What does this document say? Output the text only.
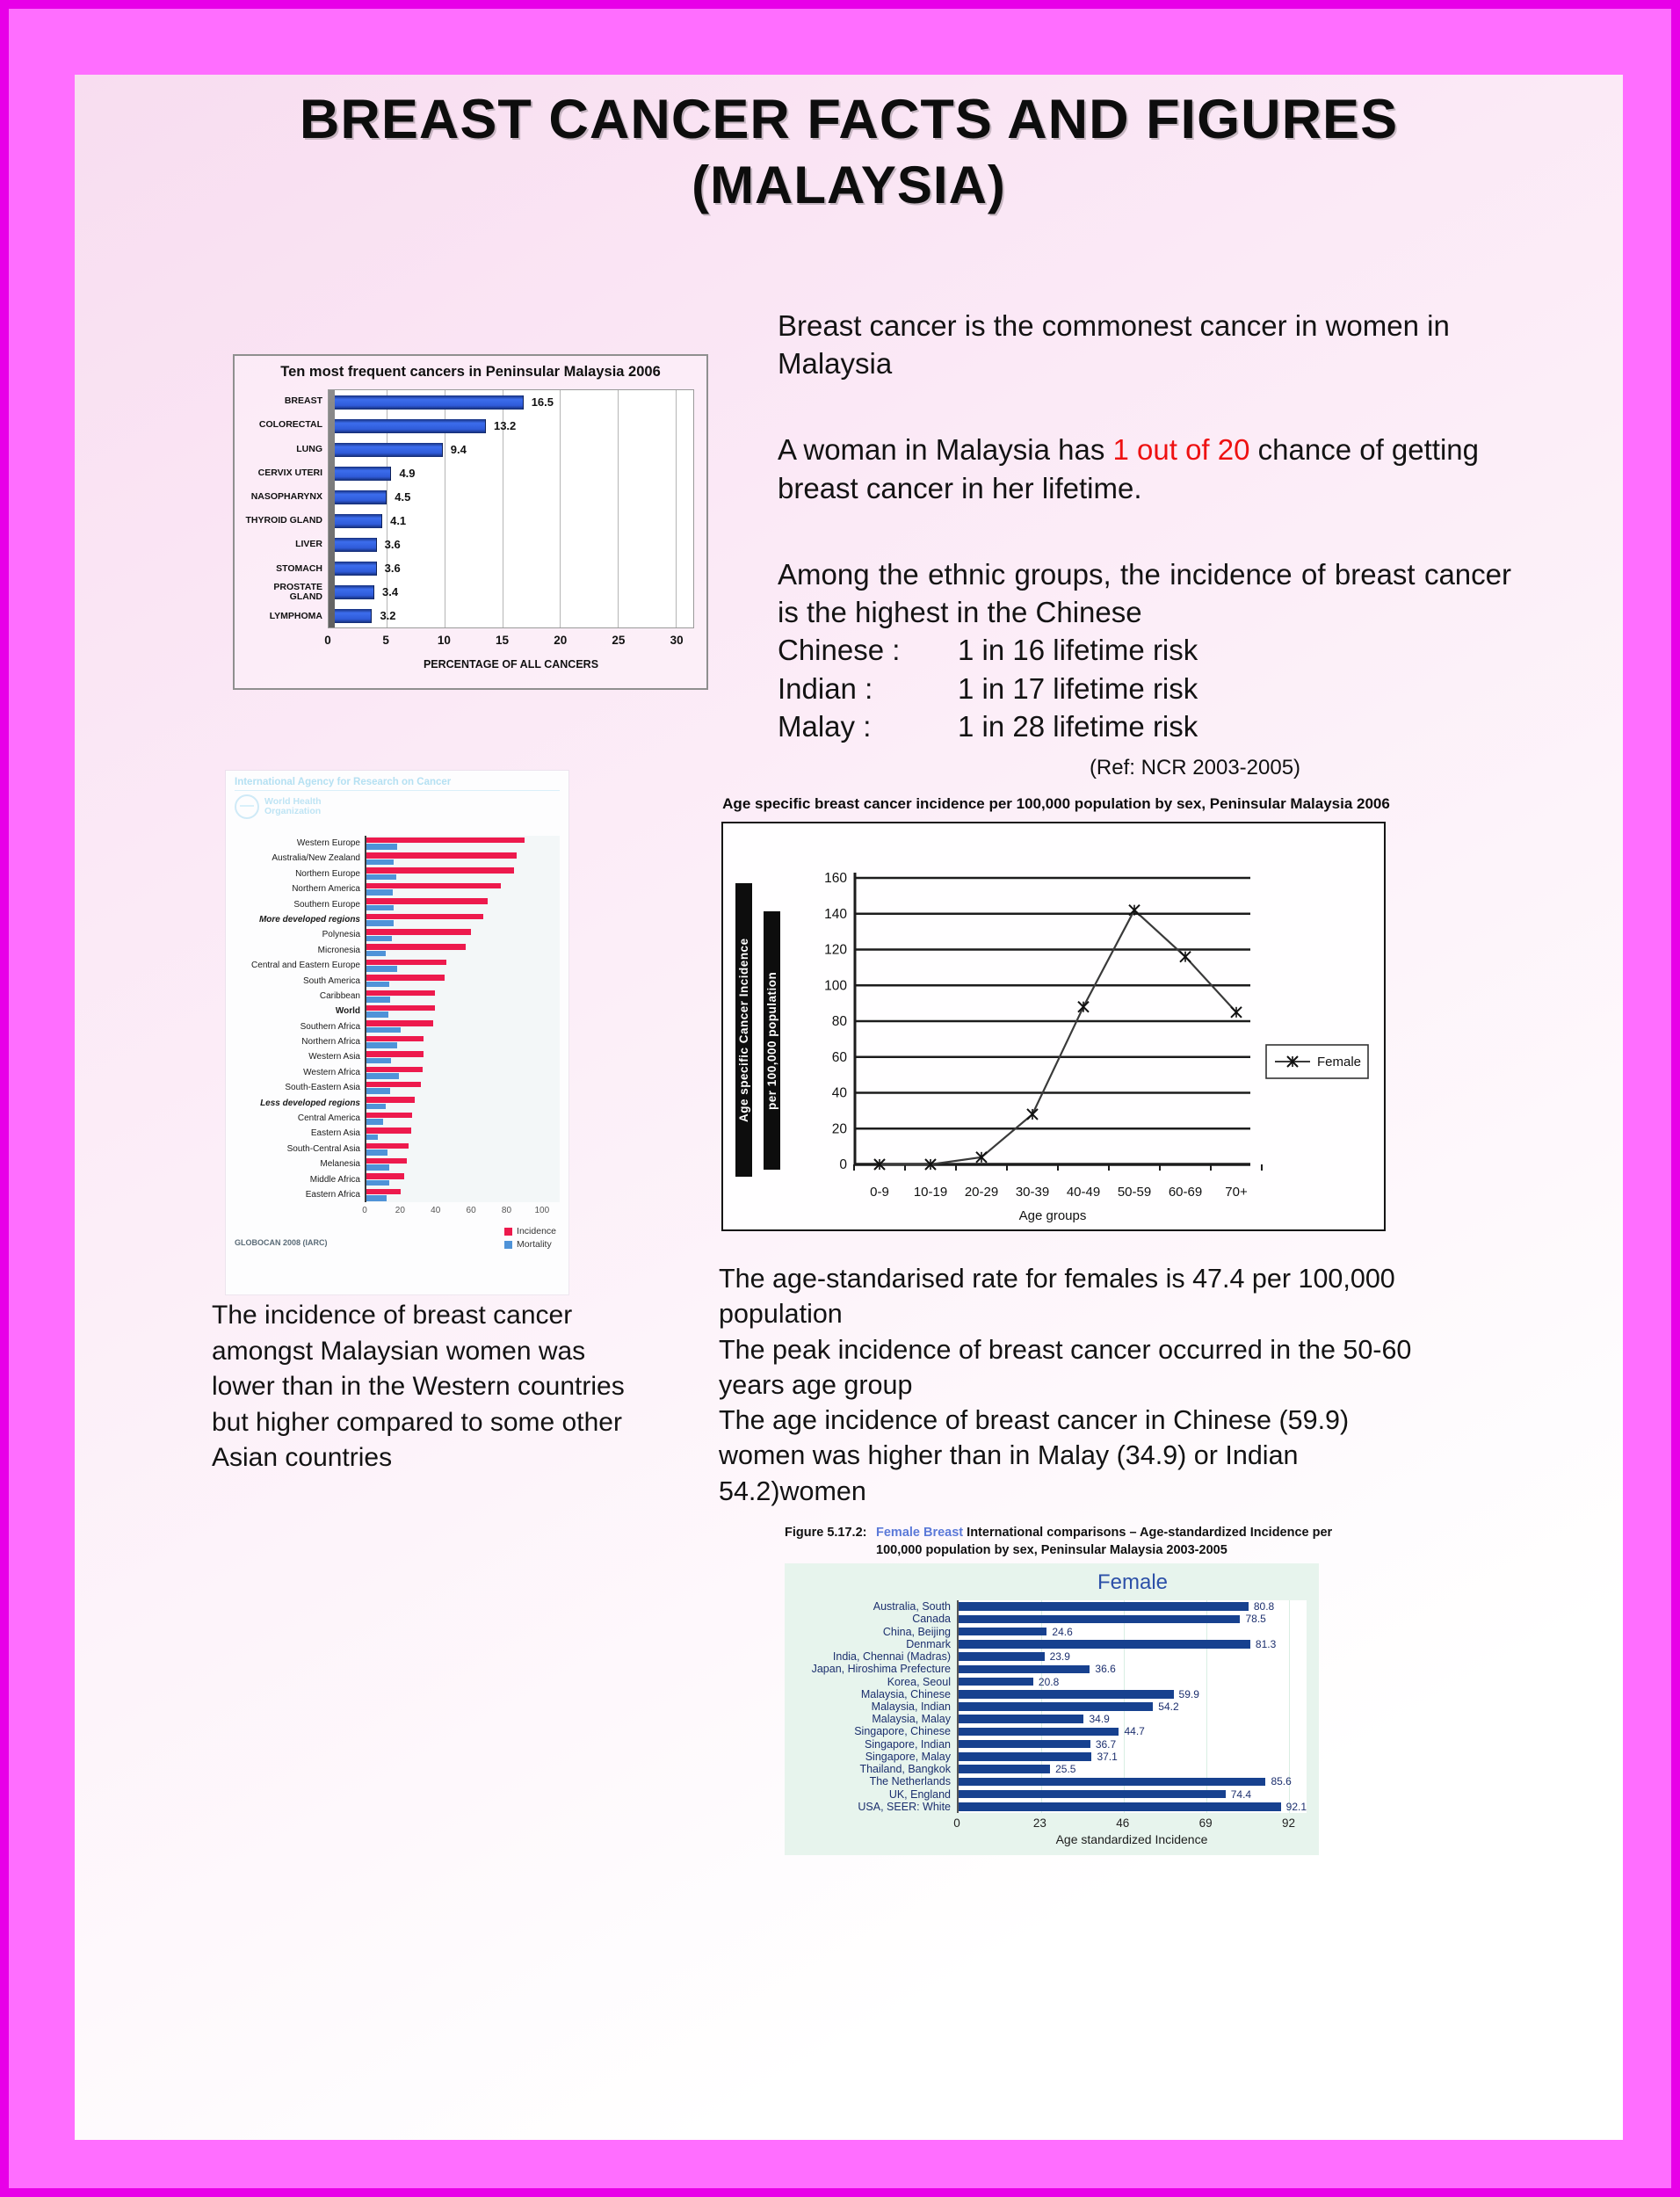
BREAST CANCER FACTS AND FIGURES
(MALAYSIA)
Ten most frequent cancers in Peninsular Malaysia 2006
BREAST
COLORECTAL
LUNG
CERVIX UTERI
NASOPHARYNX
THYROID GLAND
LIVER
STOMACH
PROSTATE GLAND
LYMPHOMA
16.5
13.2
9.4
4.9
4.5
4.1
3.6
3.6
3.4
3.2
0	5	10	15	20	25	30
PERCENTAGE OF ALL CANCERS
Breast cancer is the commonest cancer in women in Malaysia
A woman in Malaysia has 1 out of 20 chance of getting breast cancer in her lifetime.
Among the ethnic groups, the incidence of breast cancer is the highest in the Chinese
Chinese :	1 in 16 lifetime risk
Indian :	1 in 17 lifetime risk
Malay :	1 in 28 lifetime risk
(Ref: NCR 2003-2005)
International Agency for Research on Cancer
World Health
Organization
Western Europe
Australia/New Zealand
Northern Europe
Northern America
Southern Europe
More developed regions
Polynesia
Micronesia
Central and Eastern Europe
South America
Caribbean
World
Southern Africa
Northern Africa
Western Asia
Western Africa
South-Eastern Asia
Less developed regions
Central America
Eastern Asia
South-Central Asia
Melanesia
Middle Africa
Eastern Africa
0	20	40	60	80	100
Incidence
Mortality
GLOBOCAN 2008 (IARC)
The incidence of breast cancer amongst Malaysian women was lower than in the Western countries but higher compared to some other Asian countries
Age specific breast cancer incidence per 100,000 population by sex, Peninsular Malaysia 2006
Age specific Cancer Incidence per 100,000 population
0
20
40
60
80
100
120
140
160
0-9 10-19 20-29 30-39 40-49 50-59 60-69 70+
Age groups
Female
The age-standarised rate for females is 47.4 per 100,000 population
The peak incidence of breast cancer occurred in the 50-60 years age group
The age incidence of breast cancer in Chinese (59.9) women was higher than in Malay (34.9) or Indian 54.2)women
Figure 5.17.2: Female Breast International comparisons – Age-standardized Incidence per
100,000 population by sex, Peninsular Malaysia 2003-2005
Female
Australia, South
Canada
China, Beijing
Denmark
India, Chennai (Madras)
Japan, Hiroshima Prefecture
Korea, Seoul
Malaysia, Chinese
Malaysia, Indian
Malaysia, Malay
Singapore, Chinese
Singapore, Indian
Singapore, Malay
Thailand, Bangkok
The Netherlands
UK, England
USA, SEER: White
80.8
78.5
24.6
81.3
23.9
36.6
20.8
59.9
54.2
34.9
44.7
36.7
37.1
25.5
85.6
74.4
92.1
0	23	46	69	92
Age standardized Incidence
